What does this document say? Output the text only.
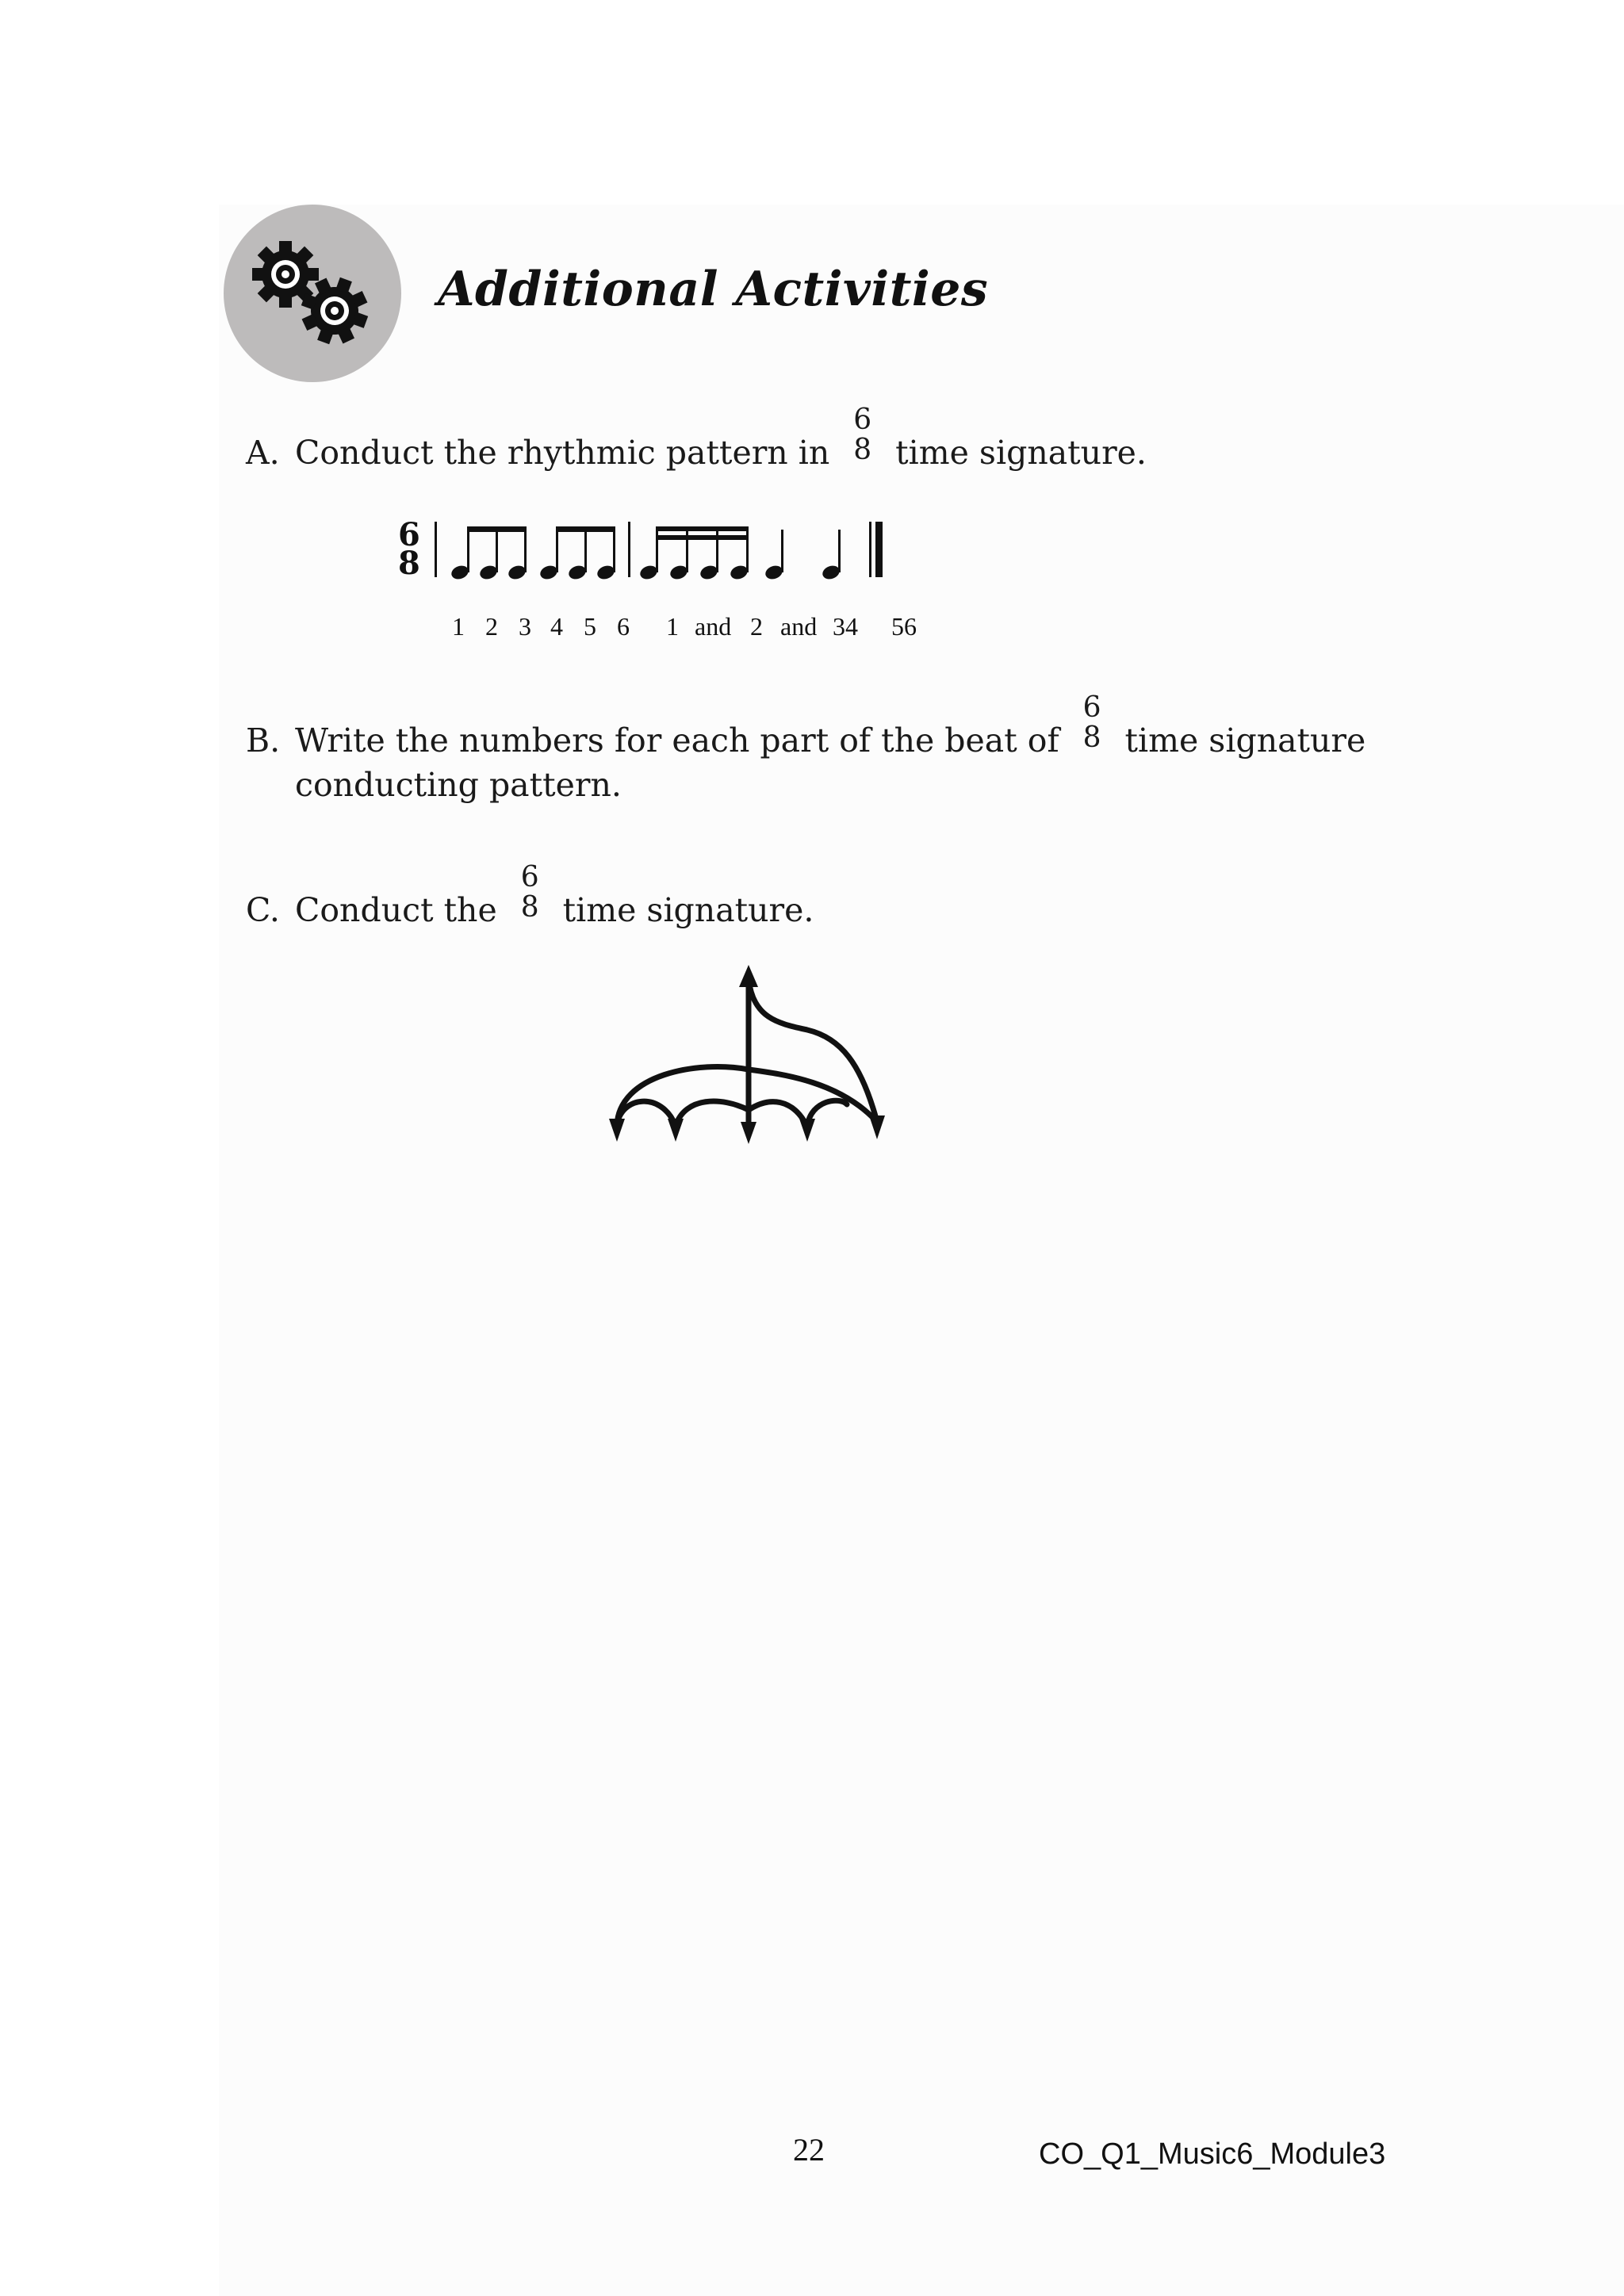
Additional Activities
A. Conduct the rhythmic pattern in
6
8 time signature.
6
8
1 2 3 4 5 6 1 and 2 and 34 56
B. Write the numbers for each part of the beat of
6
8 time signature
conducting pattern.
C. Conduct the
6
8 time signature.
22	CO_Q1_Music6_Module3
